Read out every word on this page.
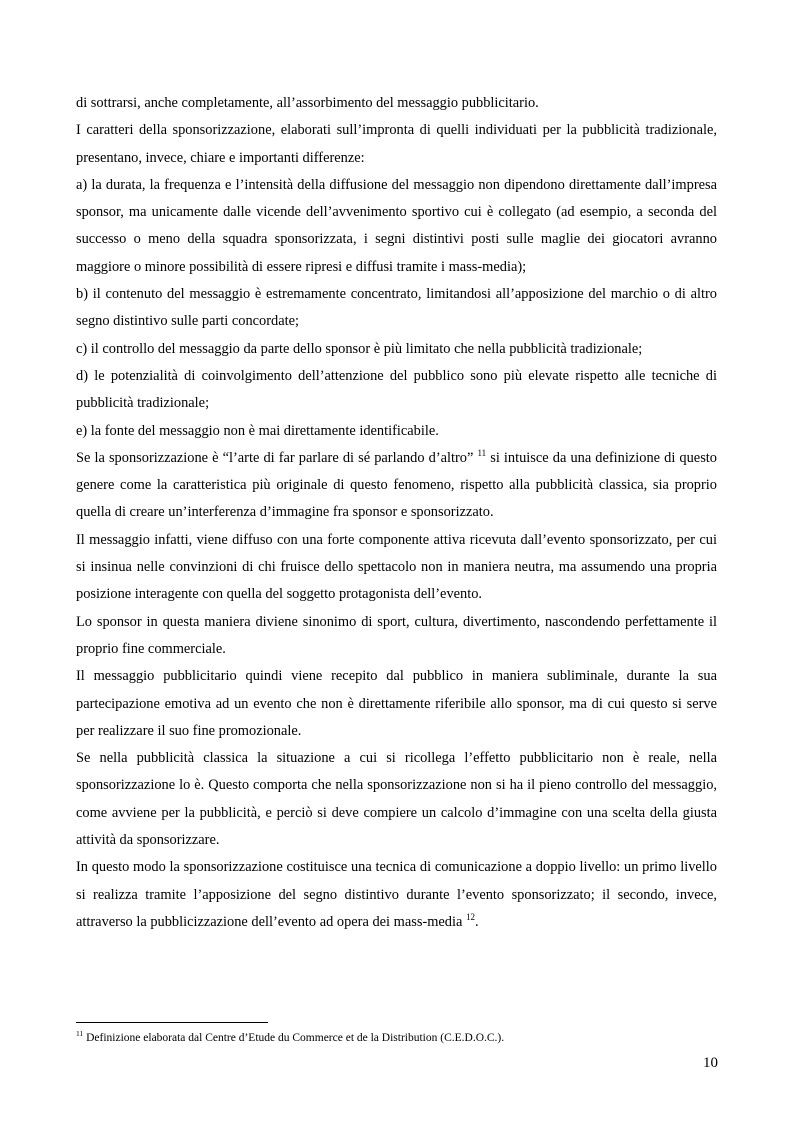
di sottrarsi, anche completamente, all’assorbimento del messaggio pubblicitario.

I caratteri della sponsorizzazione, elaborati sull’impronta di quelli individuati per la pubblicità tradizionale, presentano, invece, chiare e importanti differenze:

a) la durata, la frequenza e l’intensità della diffusione del messaggio non dipendono direttamente dall’impresa sponsor, ma unicamente dalle vicende dell’avvenimento sportivo cui è collegato (ad esempio, a seconda del successo o meno della squadra sponsorizzata, i segni distintivi posti sulle maglie dei giocatori avranno maggiore o minore possibilità di essere ripresi e diffusi tramite i mass-media);

b) il contenuto del messaggio è estremamente concentrato, limitandosi all’apposizione del marchio o di altro segno distintivo sulle parti concordate;

c) il controllo del messaggio da parte dello sponsor è più limitato che nella pubblicità tradizionale;

d) le potenzialità di coinvolgimento dell’attenzione del pubblico sono più elevate rispetto alle tecniche di pubblicità tradizionale;

e) la fonte del messaggio non è mai direttamente identificabile.

Se la sponsorizzazione è “l’arte di far parlare di sé parlando d’altro” $^{11}$ si intuisce da una definizione di questo genere come la caratteristica più originale di questo fenomeno, rispetto alla pubblicità classica, sia proprio quella di creare un’interferenza d’immagine fra sponsor e sponsorizzato.

Il messaggio infatti, viene diffuso con una forte componente attiva ricevuta dall’evento sponsorizzato, per cui si insinua nelle convinzioni di chi fruisce dello spettacolo non in maniera neutra, ma assumendo una propria posizione interagente con quella del soggetto protagonista dell’evento.

Lo sponsor in questa maniera diviene sinonimo di sport, cultura, divertimento, nascondendo perfettamente il proprio fine commerciale.

Il messaggio pubblicitario quindi viene recepito dal pubblico in maniera subliminale, durante la sua partecipazione emotiva ad un evento che non è direttamente riferibile allo sponsor, ma di cui questo si serve per realizzare il suo fine promozionale.

Se nella pubblicità classica la situazione a cui si ricollega l’effetto pubblicitario non è reale, nella sponsorizzazione lo è. Questo comporta che nella sponsorizzazione non si ha il pieno controllo del messaggio, come avviene per la pubblicità, e perciò si deve compiere un calcolo d’immagine con una scelta della giusta attività da sponsorizzare.

In questo modo la sponsorizzazione costituisce una tecnica di comunicazione a doppio livello: un primo livello si realizza tramite l’apposizione del segno distintivo durante l’evento sponsorizzato; il secondo, invece, attraverso la pubblicizzazione dell’evento ad opera dei mass-media $^{12}$.

$^{11}$ Definizione elaborata dal Centre d’Etude du Commerce et de la Distribution (C.E.D.O.C.).
10
